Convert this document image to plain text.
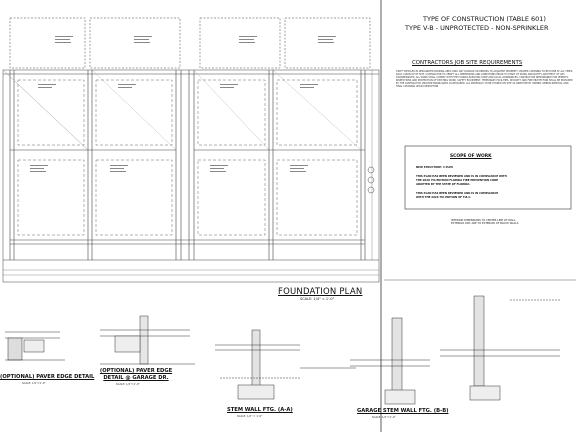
TYPE OF CONSTRUCTION (TABLE 601)
TYPE V-B - UNPROTECTED - NON-SPRINKLER
CONTRACTORS JOB SITE REQUIREMENTS
STAFF VEHICLES IN DESIGNATED PARKING AREA ONLY. ANY DAMAGE OR REPAIRS TO ADJACENT PROPERTY, PROPER CLEANING TO BE DONE AT ALL TIMES. DAILY CLEAN UP OF SITE. CONTRACTOR TO VERIFY ALL DIMENSIONS AND CONDITIONS PRIOR TO START OF WORK AND NOTIFY ARCHITECT OF ANY DISCREPANCIES. ALL WORK SHALL COMPLY WITH THE FLORIDA BUILDING CODE AND LOCAL ORDINANCES. CONTRACTOR RESPONSIBLE FOR PERMITS, INSPECTIONS AND PROTECTION OF EXISTING WORK. SAFETY EQUIPMENT, TEMPORARY FACILITIES, SECURITY AND FIRE PROTECTION SHALL BE PROVIDED BY THE CONTRACTOR. PROVIDE BARRICADES AS REQUIRED. ALL MATERIALS TO BE STORED ON SITE AS DIRECTED BY OWNER. DEBRIS REMOVAL AND FINAL CLEANING UPON COMPLETION.
SCOPE OF WORK
NEW STRUCTURE: 4 PLEX
THIS PLAN HAS BEEN REVIEWED AND IS IN COMPLIANCE WITH
THE 2020 7th EDITION FLORIDA FIRE PREVENTION CODE
ADOPTED BY THE STATE OF FLORIDA.
THIS PLAN HAS BEEN REVIEWED AND IS IN COMPLIANCE
WITH THE 2020 7th EDITION OF F.B.C.
INTERIOR DIMENSIONS TO CENTER LINE OF WALL. EXTERIOR DIM. ARE TO EXTERIOR OF BLOCK WALLS
FOUNDATION PLAN
SCALE: 1/4" = 1'-0"
(OPTIONAL) PAVER EDGE DETAIL
SCALE: 1/2"=1'-0"
(OPTIONAL) PAVER EDGE DETAIL @ GARAGE DR.
SCALE: 1/2"=1'-0"
STEM WALL FTG. (A-A)
SCALE: 1/2" = 1'-0"
GARAGE STEM WALL FTG. (B-B)
SCALE: 1/2"=1'-0"
